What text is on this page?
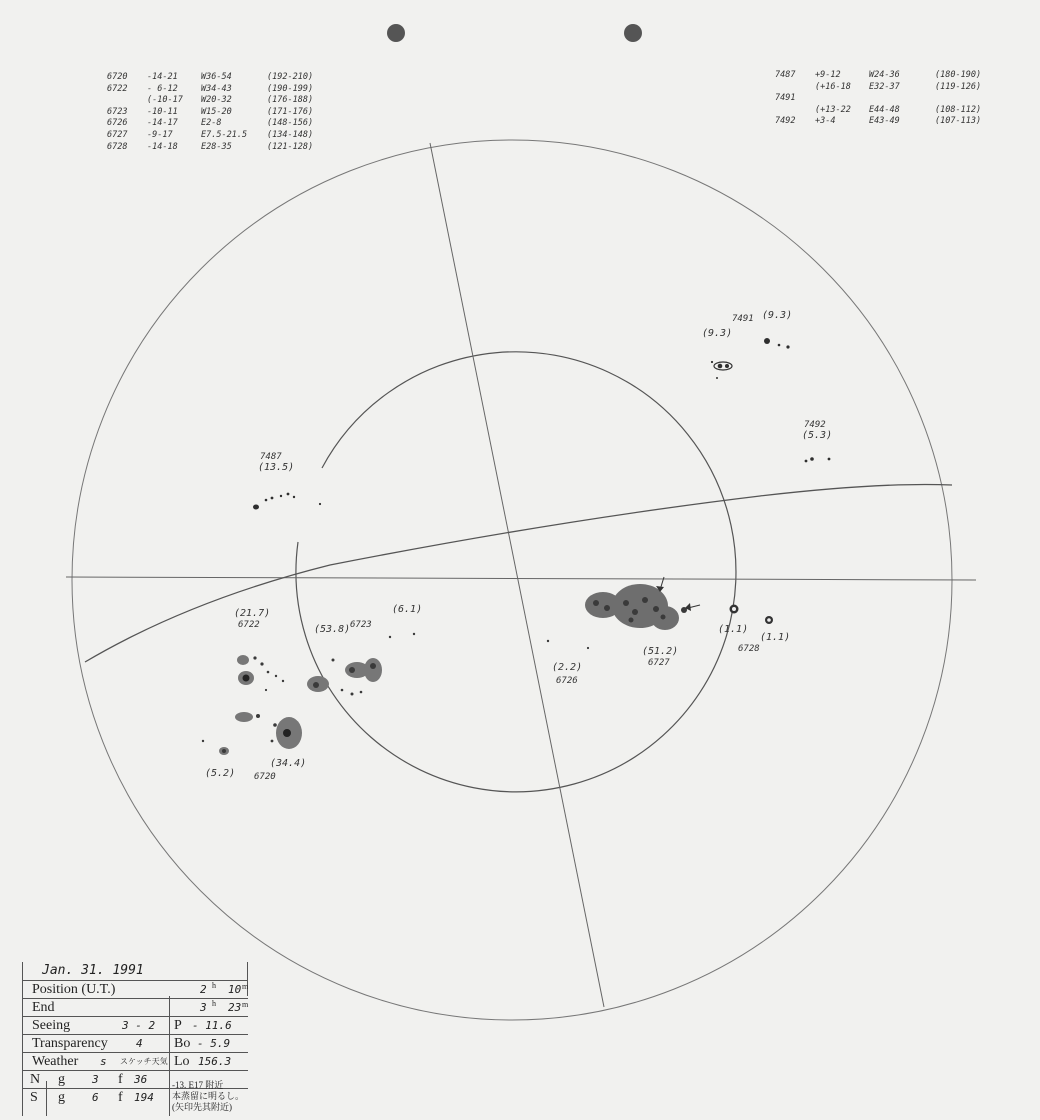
6720	-14-21	W36-54	(192-210)
6722	- 6-12	W34-43	(190-199)
(-10-17	W20-32	(176-188)
6723	-10-11	W15-20	(171-176)
6726	-14-17	E2-8	(148-156)
6727	-9-17	E7.5-21.5	(134-148)
6728	-14-18	E28-35	(121-128)
7487	+9-12	W24-36	(180-190)
(+16-18	E32-37	(119-126)
7491
(+13-22	E44-48	(108-112)
7492	+3-4	E43-49	(107-113)
7487
(13.5)
7491
(9.3)
(9.3)
7492
(5.3)
(21.7)
6722	(53.8) 6723
(6.1)
(34.4)
(5.2) 6720
(2.2)
6726
(51.2)
6727
(1.1)
(1.1)
6728
Jan. 31. 1991
Position (U.T.)	2 h 10 m
End	3 h 23 m
Seeing	3 - 2 P - 11.6
Transparency	4 Bo - 5.9
Weather s スケッチ天気 Lo 156.3
N g 3 f 36
S g 6 f 194
-13. E17 附近
本蒸留に明るし。
(矢印先其附近)
